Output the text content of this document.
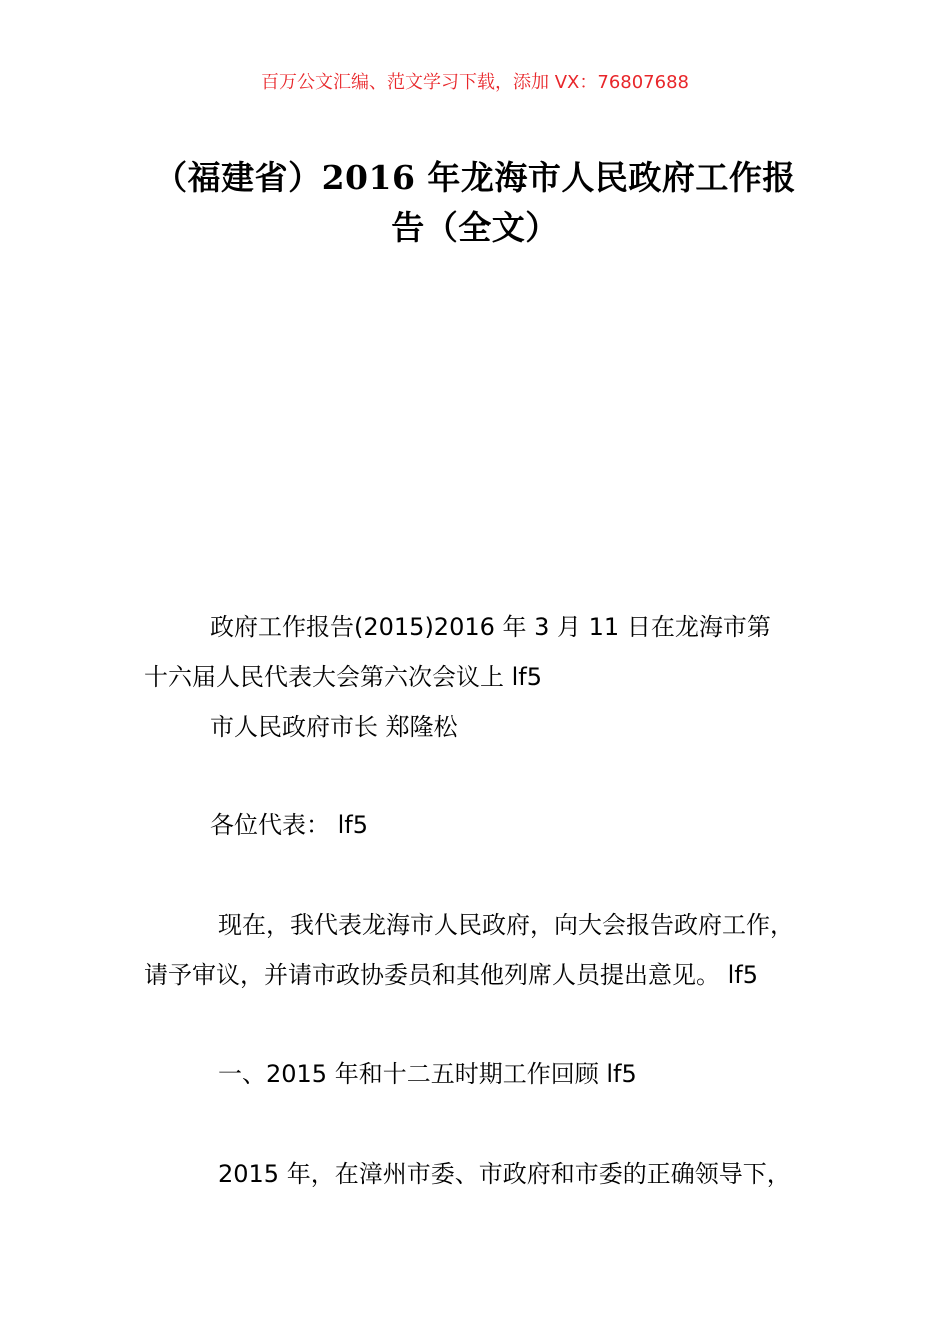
百万公文汇编、范文学习下载，添加 VX：76807688
（福建省）2016 年龙海市人民政府工作报
告（全文）
政府工作报告(2015)2016 年 3 月 11 日在龙海市第
十六届人民代表大会第六次会议上 lf5
市人民政府市长 郑隆松
各位代表： lf5
现在，我代表龙海市人民政府，向大会报告政府工作，
请予审议，并请市政协委员和其他列席人员提出意见。 lf5
一、2015 年和十二五时期工作回顾 lf5
2015 年，在漳州市委、市政府和市委的正确领导下，
